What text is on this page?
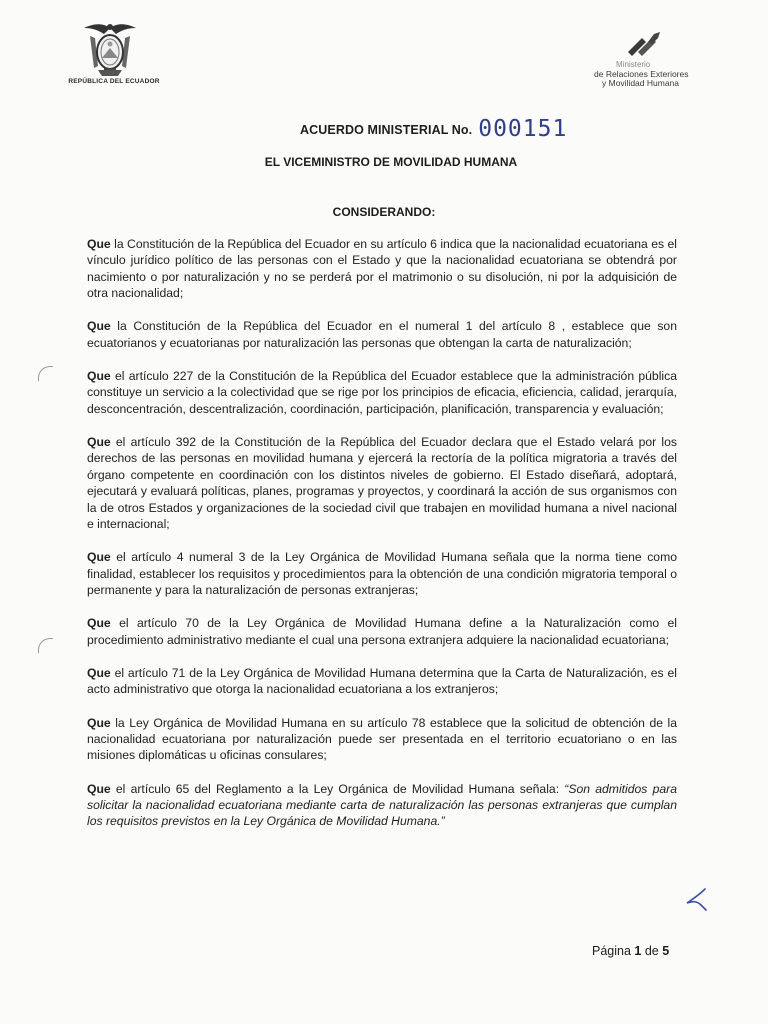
REPÚBLICA DEL ECUADOR
Ministerio
de Relaciones Exteriores
y Movilidad Humana
ACUERDO MINISTERIAL No. 000151
EL VICEMINISTRO DE MOVILIDAD HUMANA
CONSIDERANDO:

Que la Constitución de la República del Ecuador en su artículo 6 indica que la nacionalidad ecuatoriana es el vínculo jurídico político de las personas con el Estado y que la nacionalidad ecuatoriana se obtendrá por nacimiento o por naturalización y no se perderá por el matrimonio o su disolución, ni por la adquisición de otra nacionalidad;

Que la Constitución de la República del Ecuador en el numeral 1 del artículo 8 , establece que son ecuatorianos y ecuatorianas por naturalización las personas que obtengan la carta de naturalización;

Que el artículo 227 de la Constitución de la República del Ecuador establece que la administración pública constituye un servicio a la colectividad que se rige por los principios de eficacia, eficiencia, calidad, jerarquía, desconcentración, descentralización, coordinación, participación, planificación, transparencia y evaluación;

Que el artículo 392 de la Constitución de la República del Ecuador declara que el Estado velará por los derechos de las personas en movilidad humana y ejercerá la rectoría de la política migratoria a través del órgano competente en coordinación con los distintos niveles de gobierno. El Estado diseñará, adoptará, ejecutará y evaluará políticas, planes, programas y proyectos, y coordinará la acción de sus organismos con la de otros Estados y organizaciones de la sociedad civil que trabajen en movilidad humana a nivel nacional e internacional;

Que el artículo 4 numeral 3 de la Ley Orgánica de Movilidad Humana señala que la norma tiene como finalidad, establecer los requisitos y procedimientos para la obtención de una condición migratoria temporal o permanente y para la naturalización de personas extranjeras;

Que el artículo 70 de la Ley Orgánica de Movilidad Humana define a la Naturalización como el procedimiento administrativo mediante el cual una persona extranjera adquiere la nacionalidad ecuatoriana;

Que el artículo 71 de la Ley Orgánica de Movilidad Humana determina que la Carta de Naturalización, es el acto administrativo que otorga la nacionalidad ecuatoriana a los extranjeros;

Que la Ley Orgánica de Movilidad Humana en su artículo 78 establece que la solicitud de obtención de la nacionalidad ecuatoriana por naturalización puede ser presentada en el territorio ecuatoriano o en las misiones diplomáticas u oficinas consulares;

Que el artículo 65 del Reglamento a la Ley Orgánica de Movilidad Humana señala: “Son admitidos para solicitar la nacionalidad ecuatoriana mediante carta de naturalización las personas extranjeras que cumplan los requisitos previstos en la Ley Orgánica de Movilidad Humana.”

Página 1 de 5
